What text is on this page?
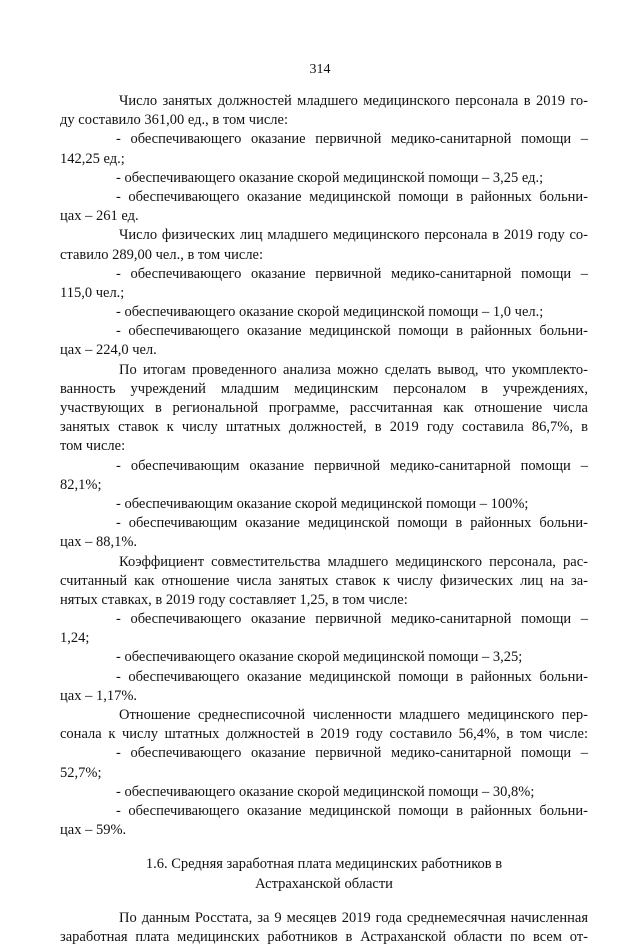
314
Число занятых должностей младшего медицинского персонала в 2019 го-
ду составило 361,00 ед., в том числе:
- обеспечивающего оказание первичной медико-санитарной помощи –
142,25 ед.;
- обеспечивающего оказание скорой медицинской помощи – 3,25 ед.;
- обеспечивающего оказание медицинской помощи в районных больни-
цах – 261 ед.
Число физических лиц младшего медицинского персонала в 2019 году со-
ставило 289,00 чел., в том числе:
- обеспечивающего оказание первичной медико-санитарной помощи –
115,0 чел.;
- обеспечивающего оказание скорой медицинской помощи – 1,0 чел.;
- обеспечивающего оказание медицинской помощи в районных больни-
цах – 224,0 чел.
По итогам проведенного анализа можно сделать вывод, что укомплекто-
ванность учреждений младшим медицинским персоналом в учреждениях,
участвующих в региональной программе, рассчитанная как отношение числа
занятых ставок к числу штатных должностей, в 2019 году составила 86,7%, в
том числе:
- обеспечивающим оказание первичной медико-санитарной помощи –
82,1%;
- обеспечивающим оказание скорой медицинской помощи – 100%;
- обеспечивающим оказание медицинской помощи в районных больни-
цах – 88,1%.
Коэффициент совместительства младшего медицинского персонала, рас-
считанный как отношение числа занятых ставок к числу физических лиц на за-
нятых ставках, в 2019 году составляет 1,25, в том числе:
- обеспечивающего оказание первичной медико-санитарной помощи –
1,24;
- обеспечивающего оказание скорой медицинской помощи – 3,25;
- обеспечивающего оказание медицинской помощи в районных больни-
цах – 1,17%.
Отношение среднесписочной численности младшего медицинского пер-
сонала к числу штатных должностей в 2019 году составило 56,4%, в том числе:
- обеспечивающего оказание первичной медико-санитарной помощи –
52,7%;
- обеспечивающего оказание скорой медицинской помощи – 30,8%;
- обеспечивающего оказание медицинской помощи в районных больни-
цах – 59%.
1.6. Средняя заработная плата медицинских работников в
Астраханской области
По данным Росстата, за 9 месяцев 2019 года среднемесячная начисленная
заработная плата медицинских работников в Астраханской области по всем от-
